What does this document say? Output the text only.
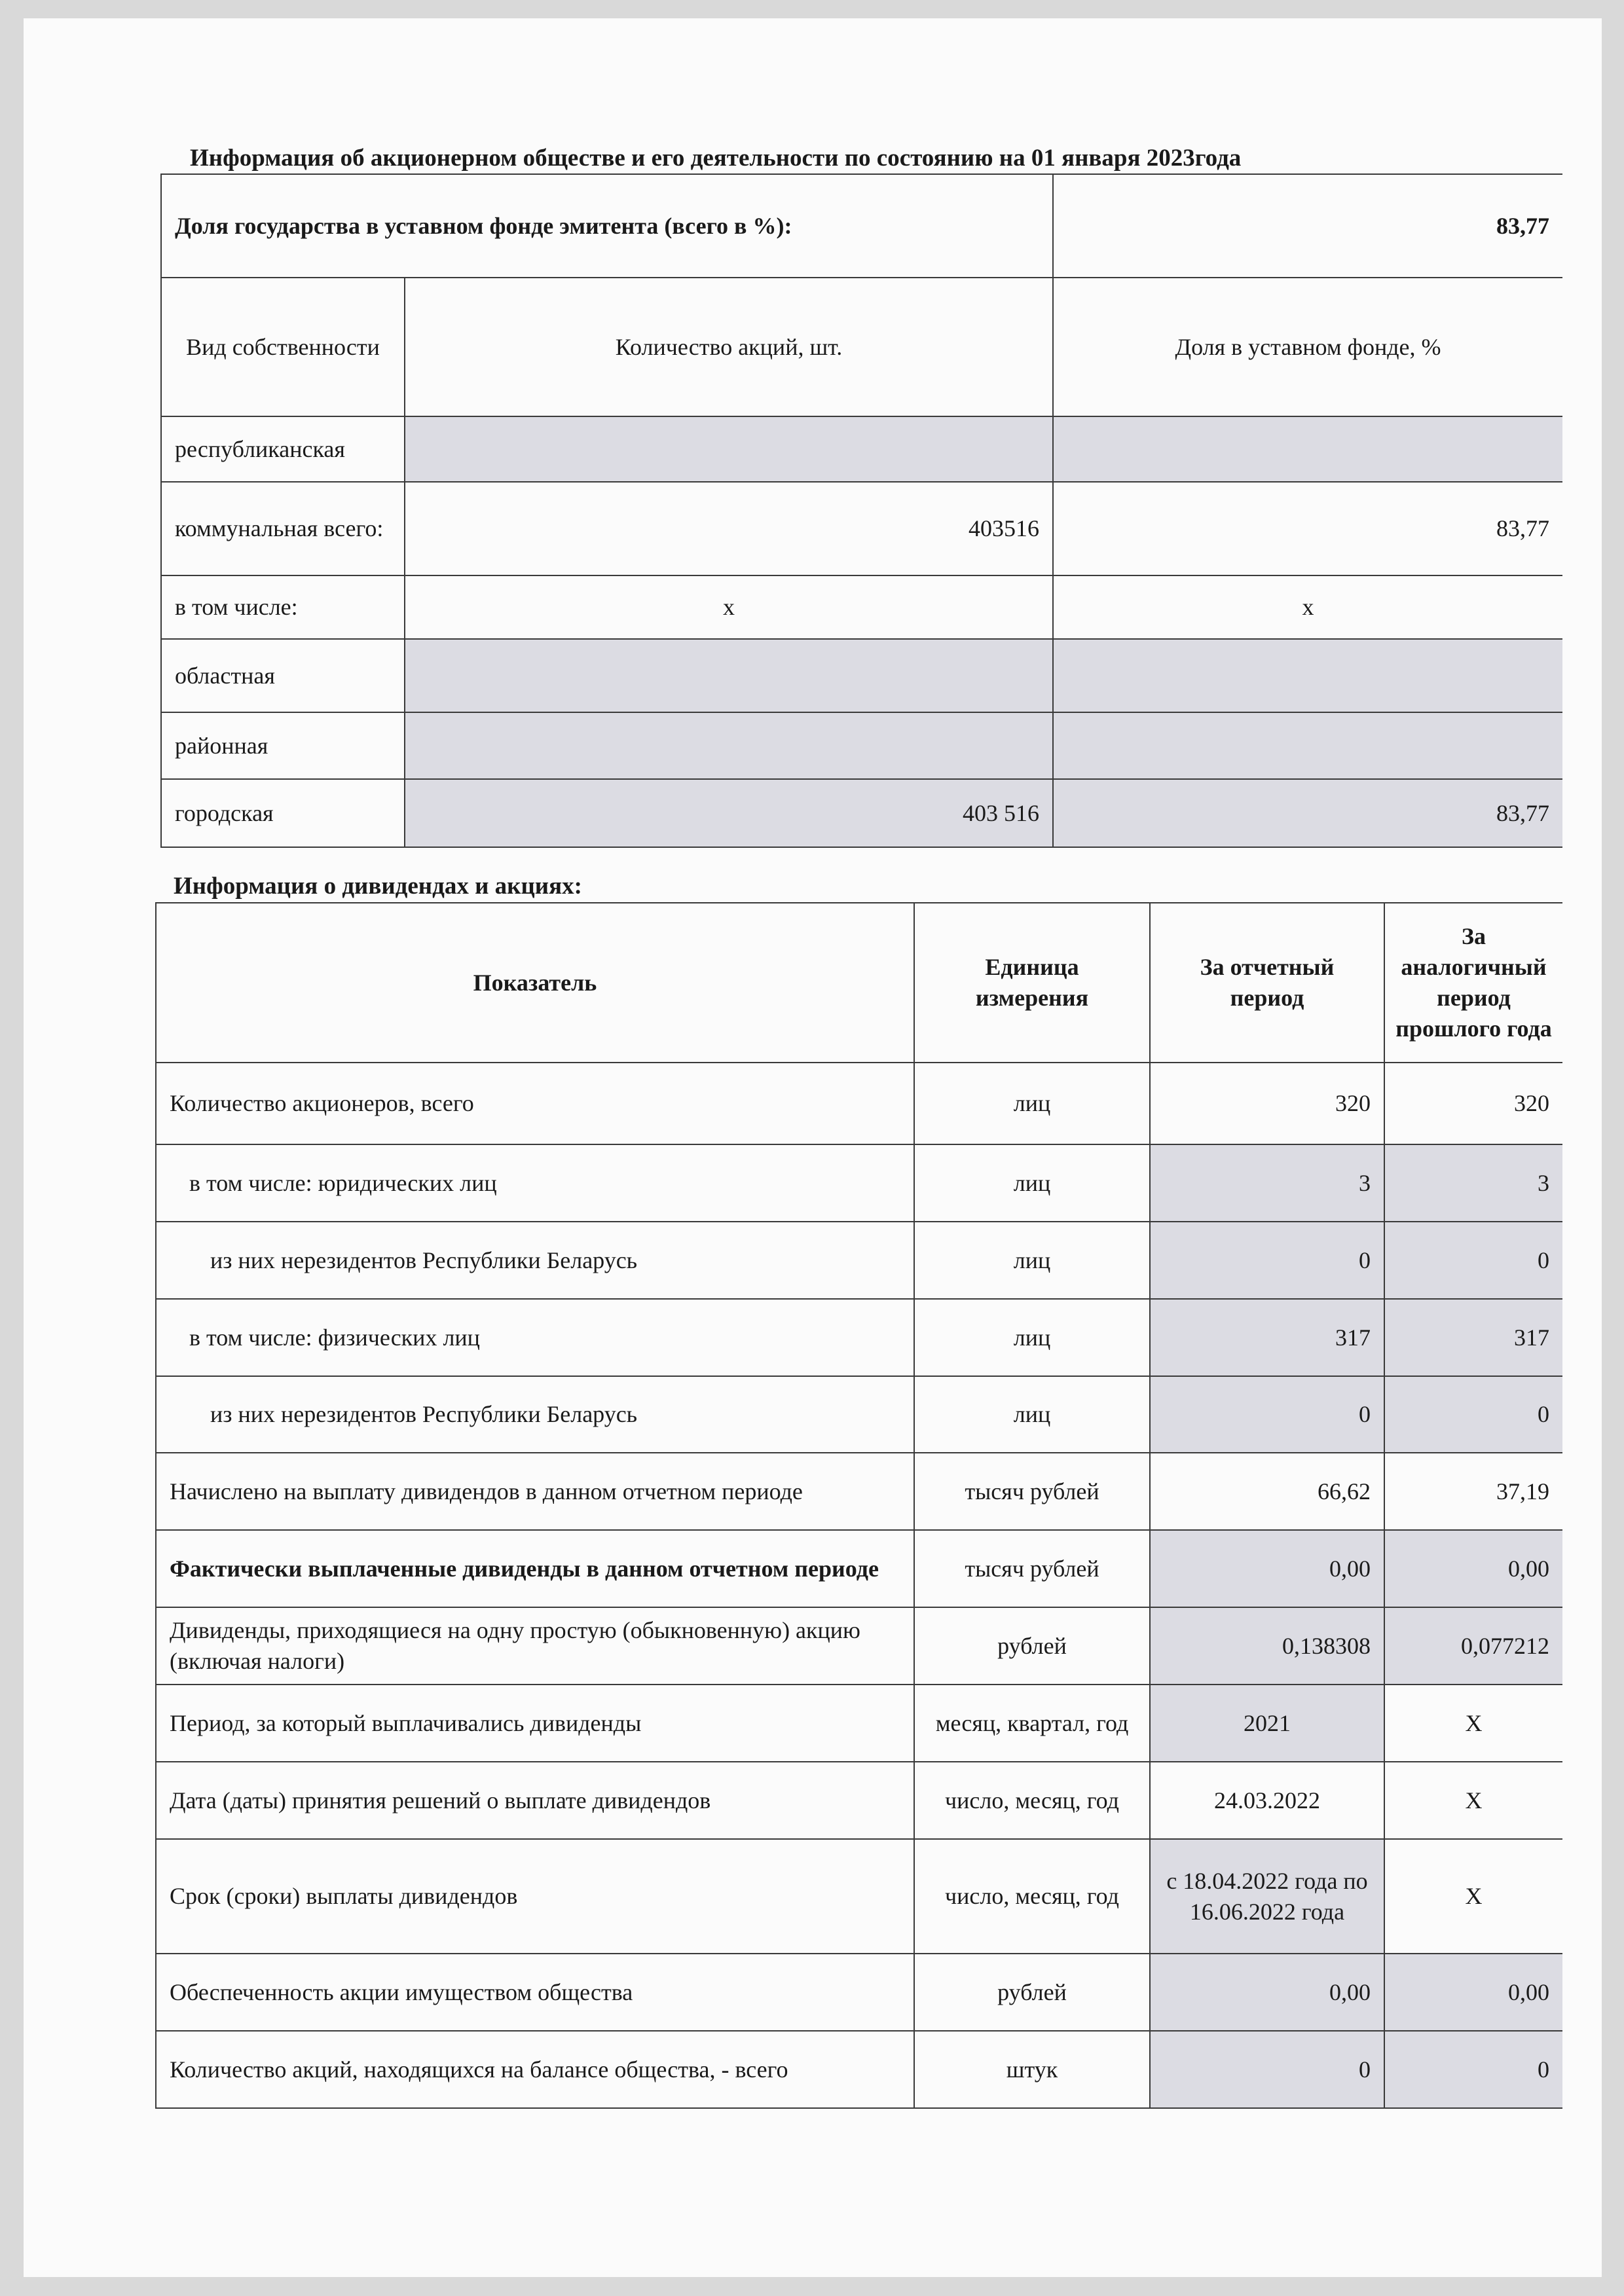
Информация об акционерном обществе и его деятельности по состоянию на 01 января 2023года
Доля государства в уставном фонде эмитента (всего в %):		83,77
Вид собственности	Количество акций, шт.	Доля в уставном фонде, %
республиканская		
коммунальная всего:	403516	83,77
в том числе:	х	х
областная		
районная		
городская	403 516	83,77
Информация о дивидендах и акциях:
Показатель	Единица измерения	За отчетный период	За аналогичный период прошлого года
Количество акционеров, всего	лиц	320	320
в том числе: юридических лиц	лиц	3	3
из них нерезидентов Республики Беларусь	лиц	0	0
в том числе: физических лиц	лиц	317	317
из них нерезидентов Республики Беларусь	лиц	0	0
Начислено на выплату дивидендов в данном отчетном периоде	тысяч рублей	66,62	37,19
Фактически выплаченные дивиденды в данном отчетном периоде	тысяч рублей	0,00	0,00
Дивиденды, приходящиеся на одну простую (обыкновенную) акцию (включая налоги)	рублей	0,138308	0,077212
Период, за который выплачивались дивиденды	месяц, квартал, год	2021	Х
Дата (даты) принятия решений о выплате дивидендов	число, месяц, год	24.03.2022	Х
Срок (сроки) выплаты дивидендов	число, месяц, год	с 18.04.2022 года по 16.06.2022 года	Х
Обеспеченность акции имуществом общества	рублей	0,00	0,00
Количество акций, находящихся на балансе общества, - всего	штук	0	0
